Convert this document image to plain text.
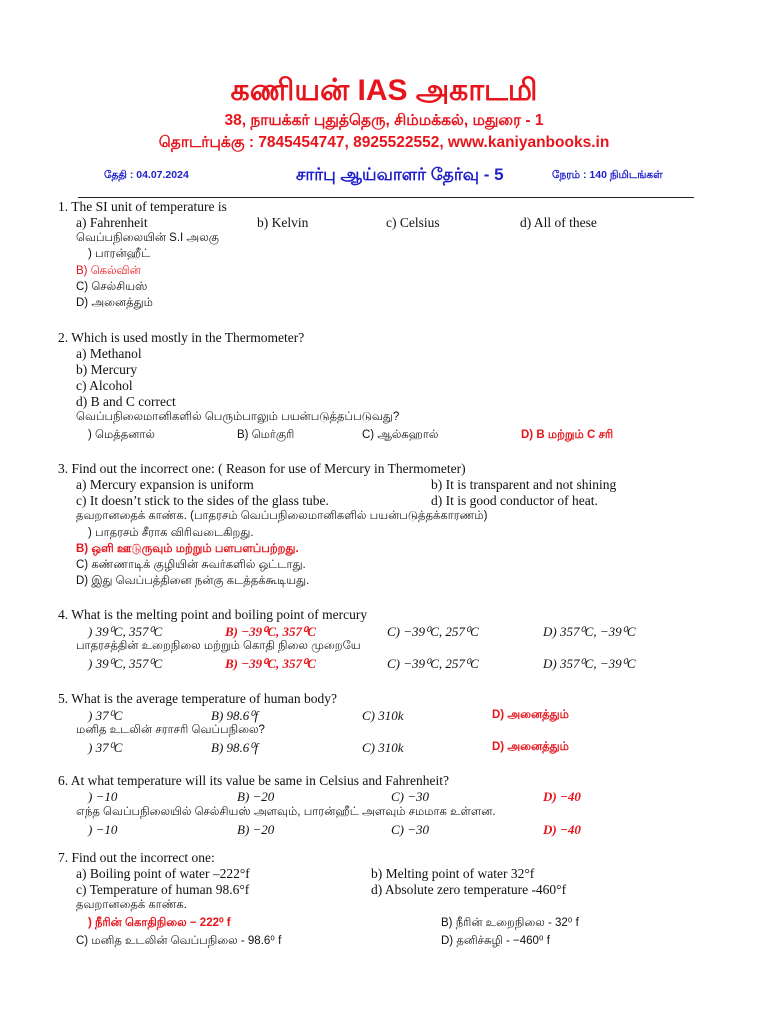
கணியன் IAS அகாடமி
38, நாயக்கர் புதுத்தெரு, சிம்மக்கல், மதுரை - 1
தொடர்புக்கு : 7845454747, 8925522552, www.kaniyanbooks.in
தேதி : 04.07.2024	சார்பு ஆய்வாளர் தேர்வு - 5	நேரம் : 140 நிமிடங்கள்
1. The SI unit of temperature is
a) Fahrenheit	b) Kelvin	c) Celsius	d) All of these
வெப்பநிலையின் S.I அலகு
) பாரன்ஹீட்
B) கெல்வின்
C) செல்சியஸ்
D) அனைத்தும்
2. Which is used mostly in the Thermometer?
a) Methanol
b) Mercury
c) Alcohol
d) B and C correct
வெப்பநிலைமானிகளில் பெரும்பாலும் பயன்படுத்தப்படுவது?
) மெத்தனால்	B) மெர்குரி	C) ஆல்கஹால்	D) B மற்றும் C சரி
3. Find out the incorrect one: ( Reason for use of Mercury in Thermometer)
a) Mercury expansion is uniform	b) It is transparent and not shining
c) It doesn’t stick to the sides of the glass tube.	d) It is good conductor of heat.
தவறானதைக் காண்க. (பாதரசம் வெப்பநிலைமானிகளில் பயன்படுத்தக்காரணம்)
) பாதரசம் சீராக விரிவடைகிறது.
B) ஒளி ஊடுருவும் மற்றும் பளபளப்பற்றது.
C) கண்ணாடிக் குழியின் சுவர்களில் ஒட்டாது.
D) இது வெப்பத்தினை நன்கு கடத்தக்கூடியது.
4. What is the melting point and boiling point of mercury
) 39⁰C, 357⁰C	B) −39⁰C, 357⁰C	C) −39⁰C, 257⁰C	D) 357⁰C, −39⁰C
பாதரசத்தின் உறைநிலை மற்றும் கொதி நிலை முறையே
) 39⁰C, 357⁰C	B) −39⁰C, 357⁰C	C) −39⁰C, 257⁰C	D) 357⁰C, −39⁰C
5. What is the average temperature of human body?
) 37⁰C	B) 98.6⁰f	C) 310k	D) அனைத்தும்
மனித உடலின் சராசரி வெப்பநிலை?
) 37⁰C	B) 98.6⁰f	C) 310k	D) அனைத்தும்
6. At what temperature will its value be same in Celsius and Fahrenheit?
) −10	B) −20	C) −30	D) −40
எந்த வெப்பநிலையில் செல்சியஸ் அளவும், பாரன்ஹீட் அளவும் சமமாக உள்ளன.
) −10	B) −20	C) −30	D) −40
7. Find out the incorrect one:
a) Boiling point of water –222°f	b) Melting point of water 32°f
c) Temperature of human 98.6°f	d) Absolute zero temperature -460°f
தவறானதைக் காண்க.
) நீரின் கொதிநிலை − 222⁰ f	B) நீரின் உறைநிலை - 32⁰ f
C) மனித உடலின் வெப்பநிலை - 98.6⁰ f	D) தனிச்சுழி - −460⁰ f
